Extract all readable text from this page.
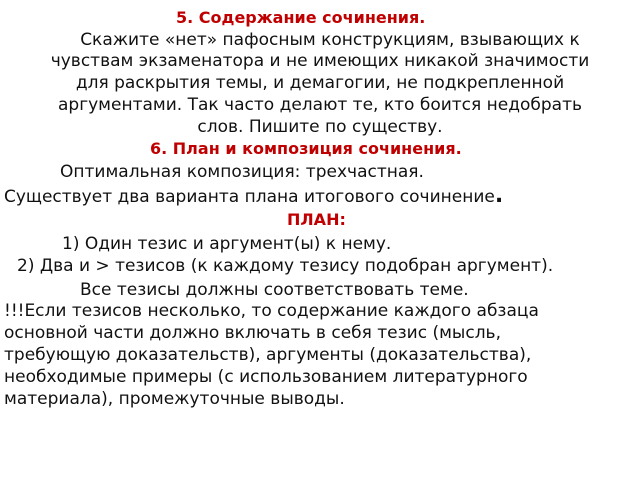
5. Содержание сочинения.
Скажите «нет» пафосным конструкциям, взывающих к
чувствам экзаменатора и не имеющих никакой значимости
для раскрытия темы, и демагогии, не подкрепленной
аргументами. Так часто делают те, кто боится недобрать
слов. Пишите по существу.
6. План и композиция сочинения.
Оптимальная композиция: трехчастная.
Существует два варианта плана итогового сочинение.
ПЛАН:
1) Один тезис и аргумент(ы) к нему.
2) Два и > тезисов (к каждому тезису подобран аргумент).
Все тезисы должны соответствовать теме.
!!!Если тезисов несколько, то содержание каждого абзаца
основной части должно включать в себя тезис (мысль,
требующую доказательств), аргументы (доказательства),
необходимые примеры (с использованием литературного
материала), промежуточные выводы.
